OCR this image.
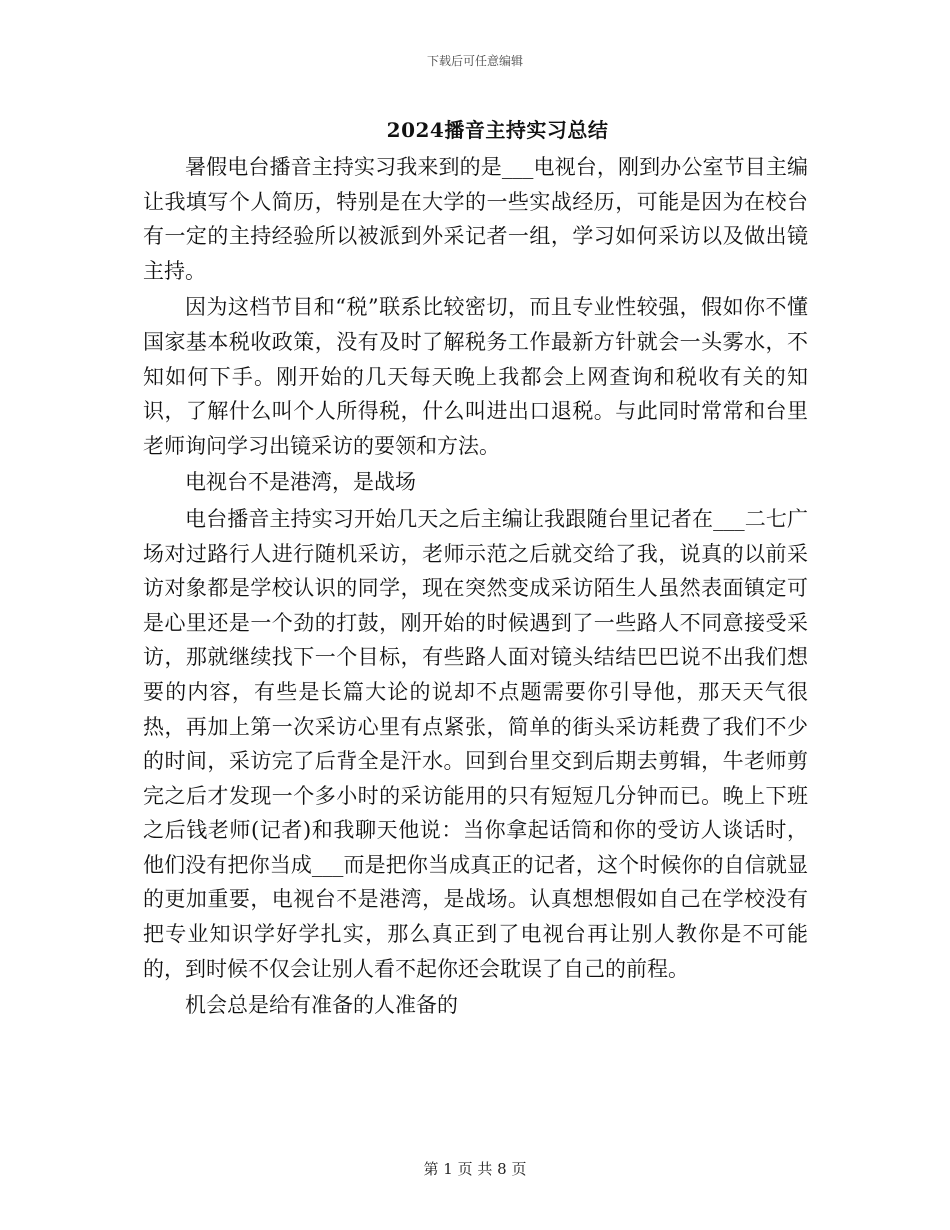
下载后可任意编辑
2024播音主持实习总结

暑假电台播音主持实习我来到的是___电视台，刚到办公室节目主编让我填写个人简历，特别是在大学的一些实战经历，可能是因为在校台有一定的主持经验所以被派到外采记者一组，学习如何采访以及做出镜主持。

因为这档节目和“税”联系比较密切，而且专业性较强，假如你不懂国家基本税收政策，没有及时了解税务工作最新方针就会一头雾水，不知如何下手。刚开始的几天每天晚上我都会上网查询和税收有关的知识，了解什么叫个人所得税，什么叫进出口退税。与此同时常常和台里老师询问学习出镜采访的要领和方法。

电视台不是港湾，是战场

电台播音主持实习开始几天之后主编让我跟随台里记者在___二七广场对过路行人进行随机采访，老师示范之后就交给了我，说真的以前采访对象都是学校认识的同学，现在突然变成采访陌生人虽然表面镇定可是心里还是一个劲的打鼓，刚开始的时候遇到了一些路人不同意接受采访，那就继续找下一个目标，有些路人面对镜头结结巴巴说不出我们想要的内容，有些是长篇大论的说却不点题需要你引导他，那天天气很热，再加上第一次采访心里有点紧张，简单的街头采访耗费了我们不少的时间，采访完了后背全是汗水。回到台里交到后期去剪辑，牛老师剪完之后才发现一个多小时的采访能用的只有短短几分钟而已。晚上下班之后钱老师(记者)和我聊天他说：当你拿起话筒和你的受访人谈话时，他们没有把你当成___而是把你当成真正的记者，这个时候你的自信就显的更加重要，电视台不是港湾，是战场。认真想想假如自己在学校没有把专业知识学好学扎实，那么真正到了电视台再让别人教你是不可能的，到时候不仅会让别人看不起你还会耽误了自己的前程。

机会总是给有准备的人准备的

第 1 页 共 8 页
